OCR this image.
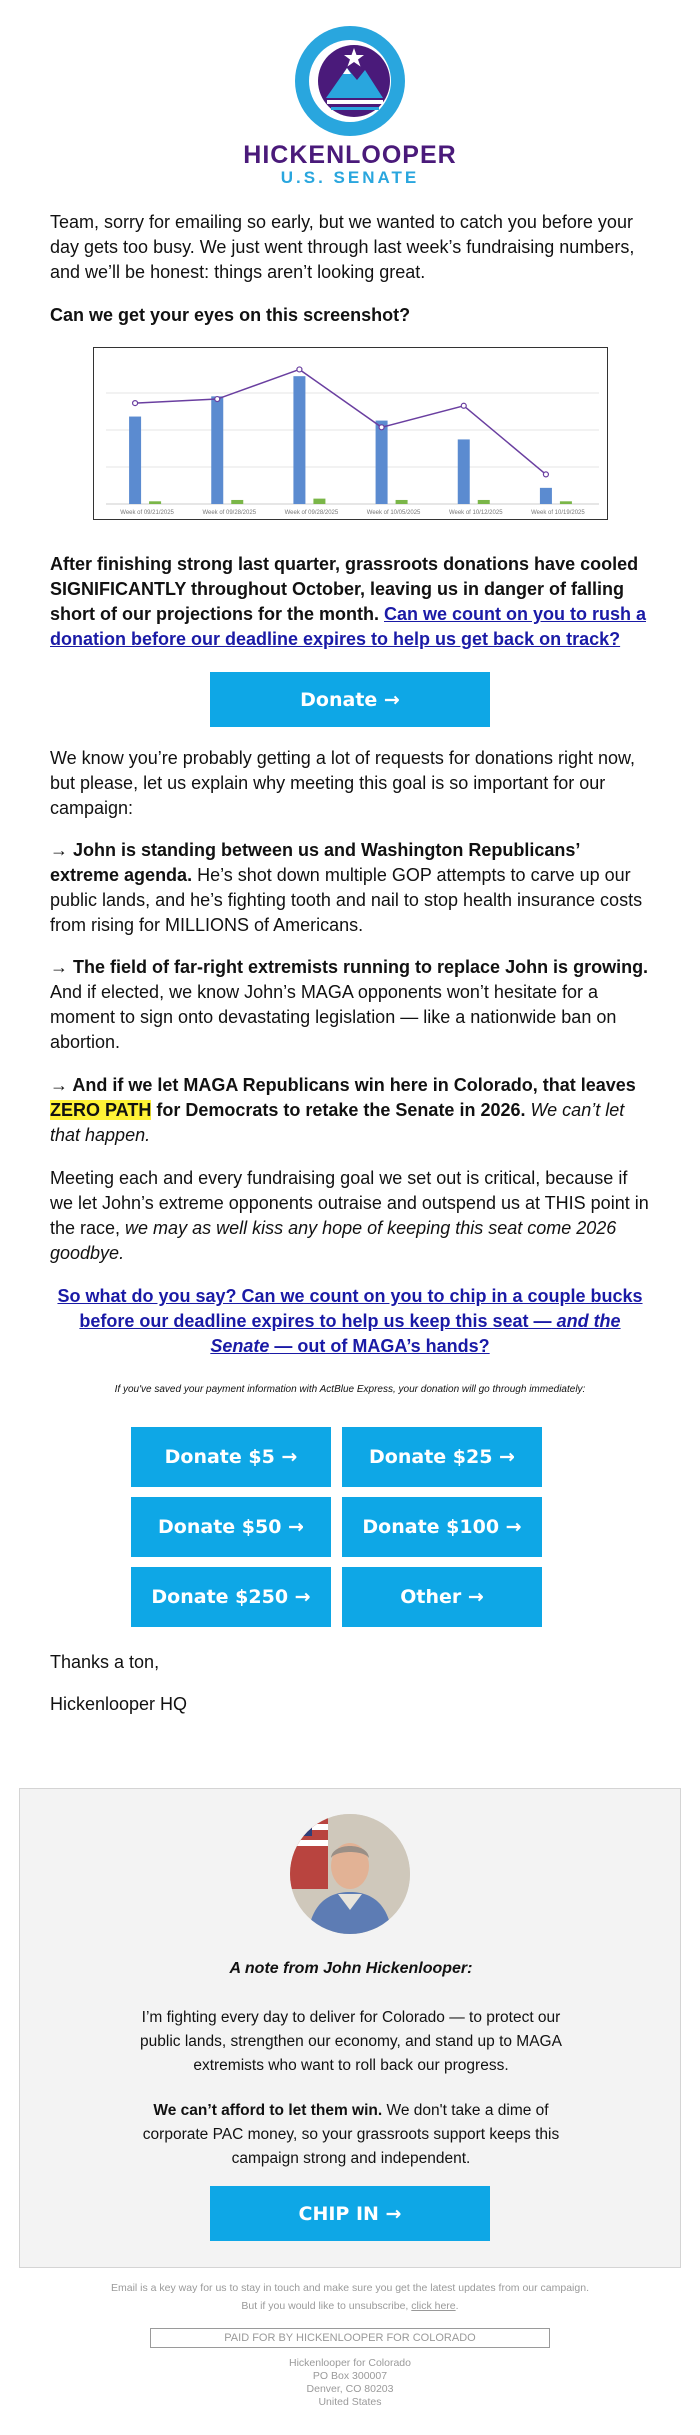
HICKENLOOPER
U.S. SENATE

Team, sorry for emailing so early, but we wanted to catch you before your day gets too busy. We just went through last week’s fundraising numbers, and we’ll be honest: things aren’t looking great.

Can we get your eyes on this screenshot?

Week of 09/21/2025	Week of 09/28/2025	Week of 09/28/2025	Week of 10/05/2025	Week of 10/12/2025	Week of 10/19/2025

After finishing strong last quarter, grassroots donations have cooled SIGNIFICANTLY throughout October, leaving us in danger of falling short of our projections for the month. Can we count on you to rush a donation before our deadline expires to help us get back on track?

Donate →

We know you’re probably getting a lot of requests for donations right now, but please, let us explain why meeting this goal is so important for our campaign:

→ John is standing between us and Washington Republicans’ extreme agenda. He’s shot down multiple GOP attempts to carve up our public lands, and he’s fighting tooth and nail to stop health insurance costs from rising for MILLIONS of Americans.

→ The field of far-right extremists running to replace John is growing. And if elected, we know John’s MAGA opponents won’t hesitate for a moment to sign onto devastating legislation — like a nationwide ban on abortion.

→ And if we let MAGA Republicans win here in Colorado, that leaves ZERO PATH for Democrats to retake the Senate in 2026. We can’t let that happen.

Meeting each and every fundraising goal we set out is critical, because if we let John’s extreme opponents outraise and outspend us at THIS point in the race, we may as well kiss any hope of keeping this seat come 2026 goodbye.

So what do you say? Can we count on you to chip in a couple bucks before our deadline expires to help us keep this seat — and the Senate — out of MAGA’s hands?
If you've saved your payment information with ActBlue Express, your donation will go through immediately:
Donate $5 →	Donate $25 →
Donate $50 →	Donate $100 →
Donate $250 →	Other →

Thanks a ton,

Hickenlooper HQ

A note from John Hickenlooper:

I’m fighting every day to deliver for Colorado — to protect our public lands, strengthen our economy, and stand up to MAGA extremists who want to roll back our progress.

We can’t afford to let them win. We don't take a dime of corporate PAC money, so your grassroots support keeps this campaign strong and independent.

CHIP IN →

Email is a key way for us to stay in touch and make sure you get the latest updates from our campaign.

But if you would like to unsubscribe, click here.

PAID FOR BY HICKENLOOPER FOR COLORADO

Hickenlooper for Colorado
PO Box 300007
Denver, CO 80203
United States
